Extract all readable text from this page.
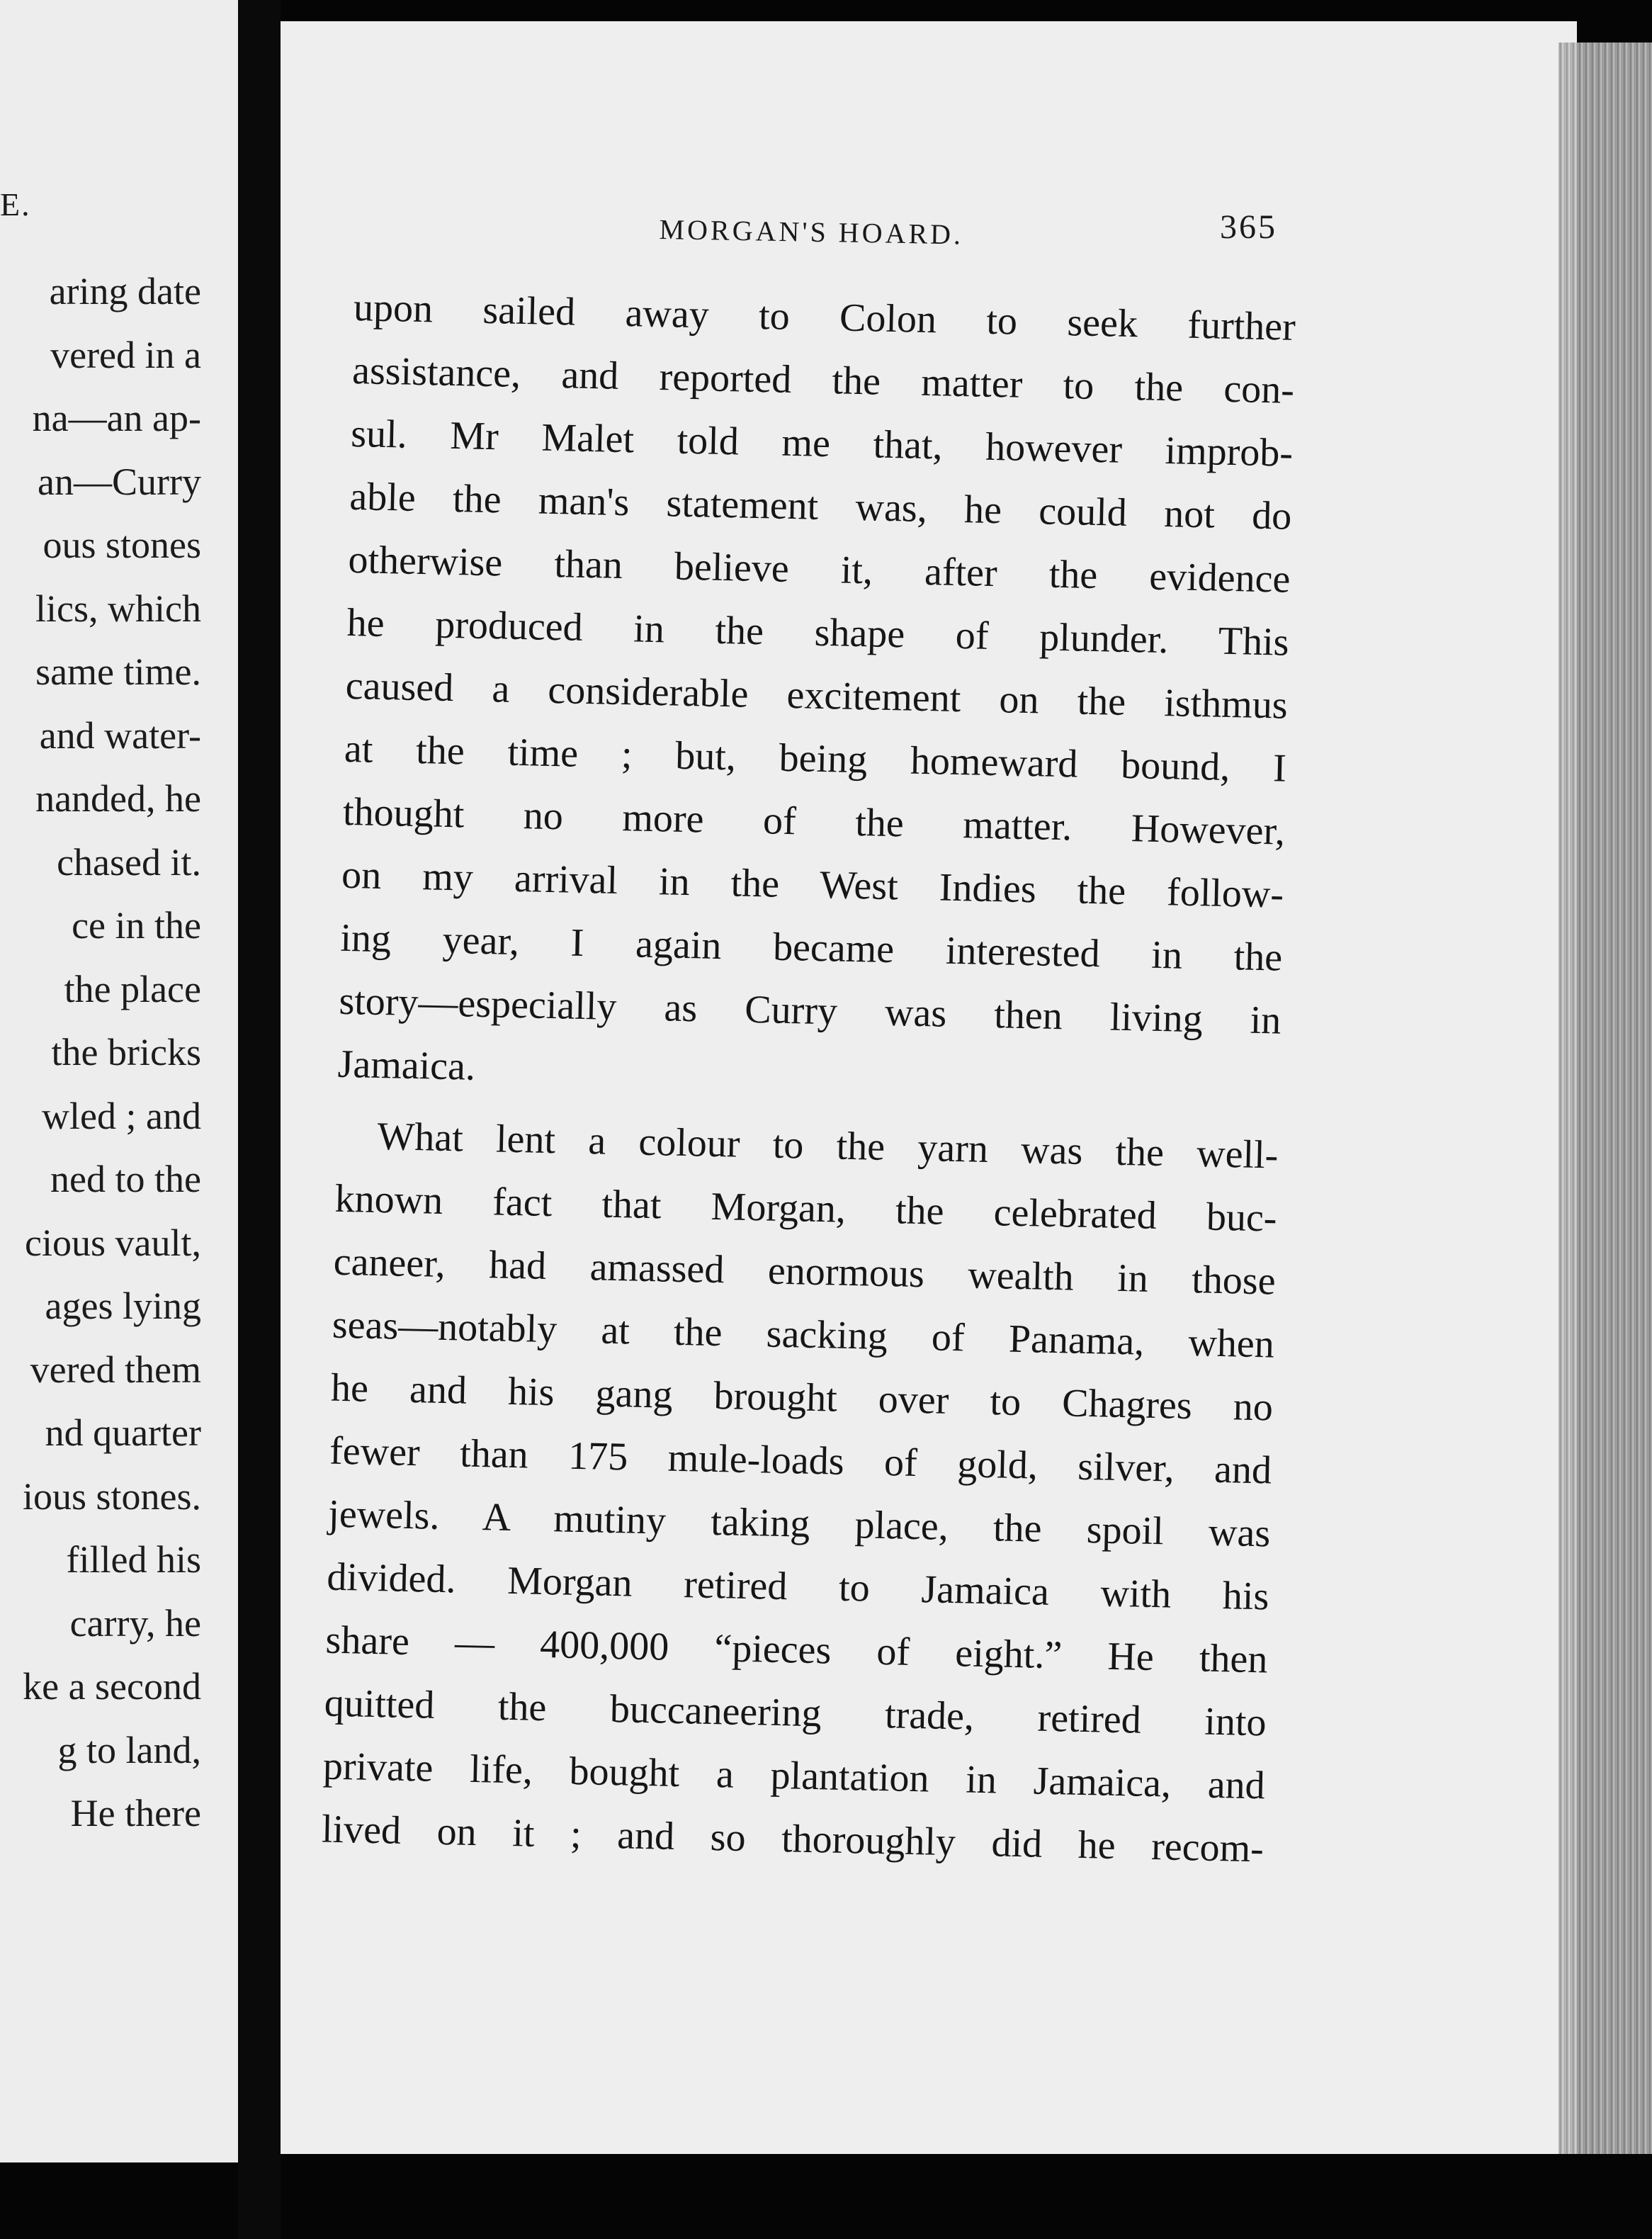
E.
aring date
vered in a
na—an ap-
an—Curry
ous stones
lics, which
same time.
and water-
nanded, he
chased it.
ce in the
the place
the bricks
wled ; and
ned to the
cious vault,
ages lying
vered them
nd quarter
ious stones.
filled his
carry, he
ke a second
g to land,
He there
MORGAN'S HOARD.	365
upon sailed away to Colon to seek further
assistance, and reported the matter to the con-
sul. Mr Malet told me that, however improb-
able the man's statement was, he could not do
otherwise than believe it, after the evidence
he produced in the shape of plunder. This
caused a considerable excitement on the isthmus
at the time ; but, being homeward bound, I
thought no more of the matter. However,
on my arrival in the West Indies the follow-
ing year, I again became interested in the
story—especially as Curry was then living in
Jamaica.
What lent a colour to the yarn was the well-
known fact that Morgan, the celebrated buc-
caneer, had amassed enormous wealth in those
seas—notably at the sacking of Panama, when
he and his gang brought over to Chagres no
fewer than 175 mule-loads of gold, silver, and
jewels. A mutiny taking place, the spoil was
divided. Morgan retired to Jamaica with his
share — 400,000 “pieces of eight.” He then
quitted the buccaneering trade, retired into
private life, bought a plantation in Jamaica, and
lived on it ; and so thoroughly did he recom-
